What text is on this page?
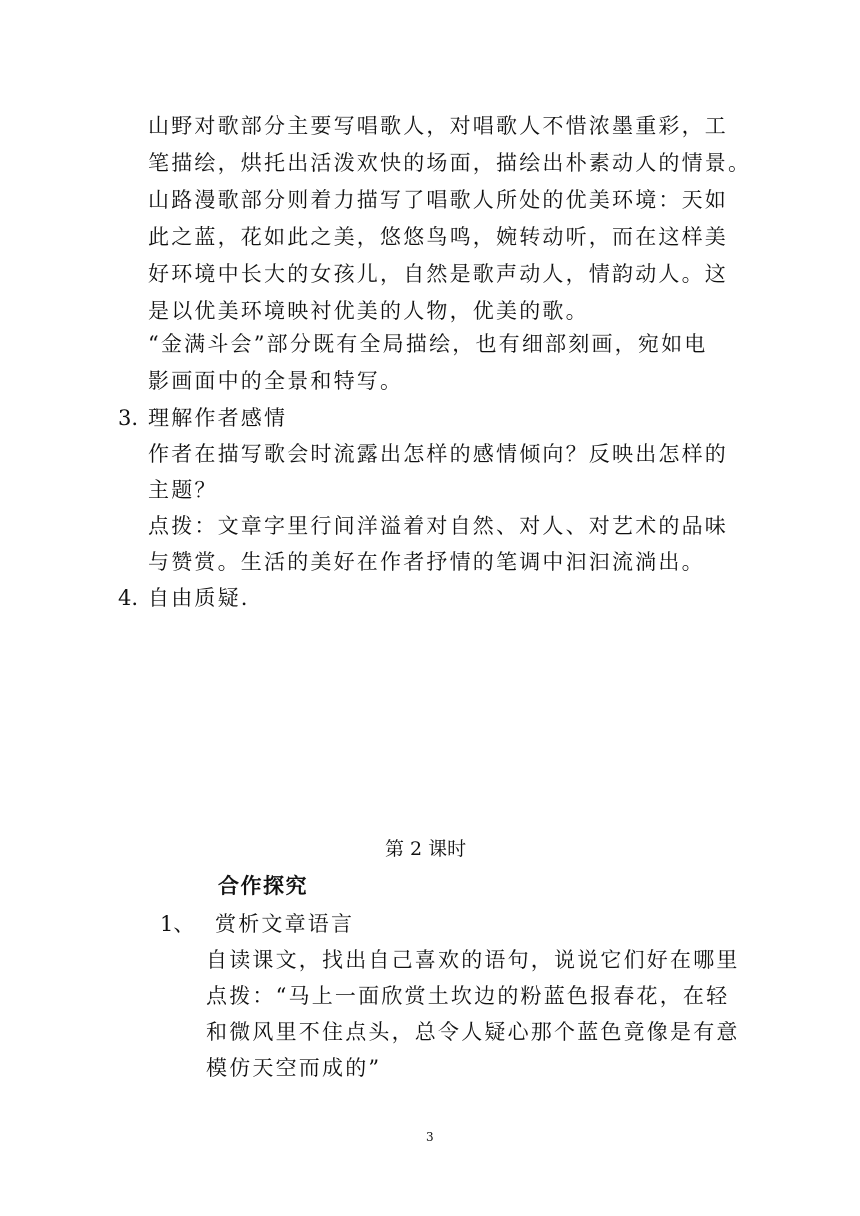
山野对歌部分主要写唱歌人，对唱歌人不惜浓墨重彩，工
笔描绘，烘托出活泼欢快的场面，描绘出朴素动人的情景。
山路漫歌部分则着力描写了唱歌人所处的优美环境：天如
此之蓝，花如此之美，悠悠鸟鸣，婉转动听，而在这样美
好环境中长大的女孩儿，自然是歌声动人，情韵动人。这
是以优美环境映衬优美的人物，优美的歌。
“金满斗会”部分既有全局描绘，也有细部刻画，宛如电
影画面中的全景和特写。
3. 理解作者感情
作者在描写歌会时流露出怎样的感情倾向？反映出怎样的
主题？
点拨：文章字里行间洋溢着对自然、对人、对艺术的品味
与赞赏。生活的美好在作者抒情的笔调中汩汩流淌出。
4. 自由质疑.
第 2 课时
合作探究
1、 赏析文章语言
自读课文，找出自己喜欢的语句，说说它们好在哪里
点拨：“马上一面欣赏土坎边的粉蓝色报春花，在轻
和微风里不住点头，总令人疑心那个蓝色竟像是有意
模仿天空而成的”
3
